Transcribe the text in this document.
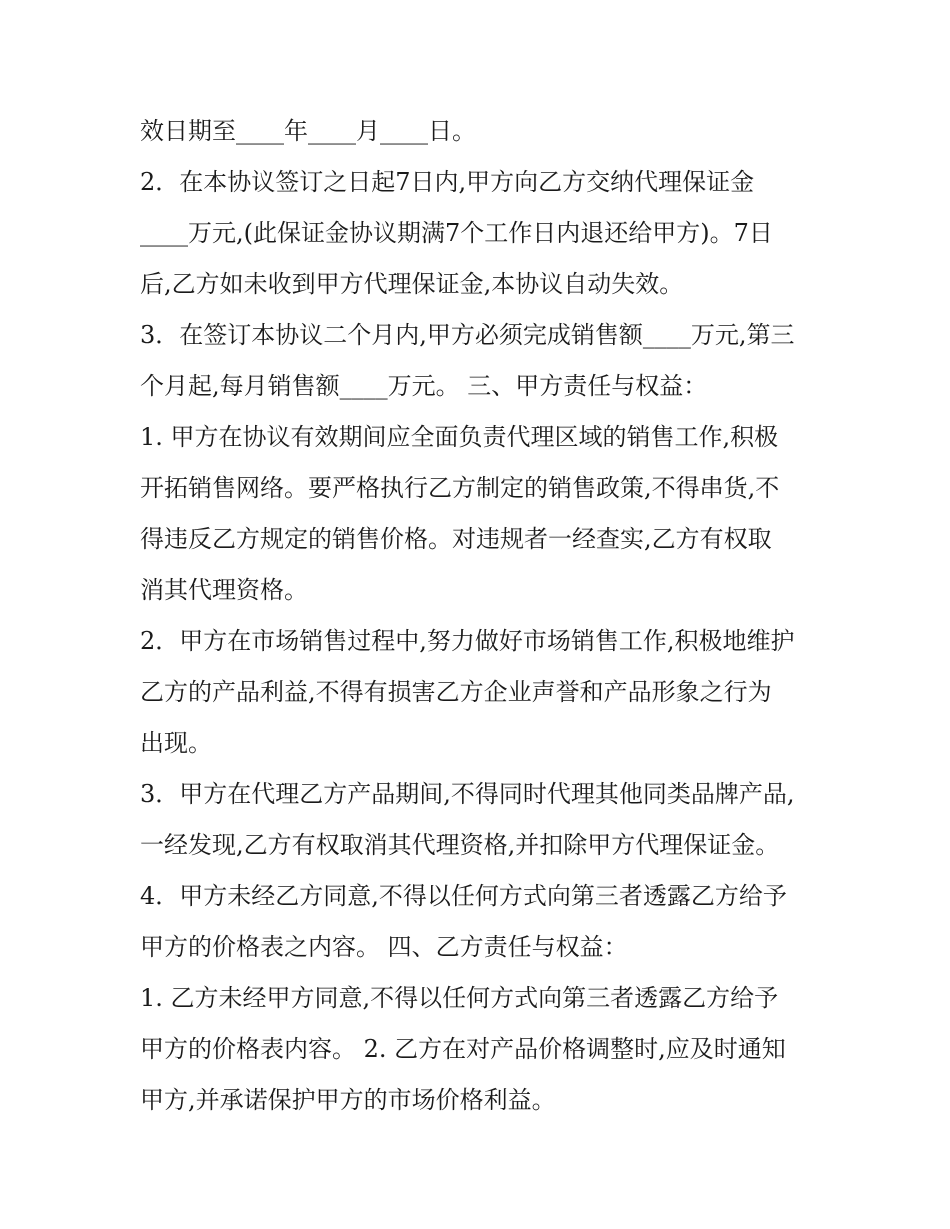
效日期至____年____月____日。
2．在本协议签订之日起7日内,甲方向乙方交纳代理保证金
____万元,(此保证金协议期满7个工作日内退还给甲方)。7日
后,乙方如未收到甲方代理保证金,本协议自动失效。
3．在签订本协议二个月内,甲方必须完成销售额____万元,第三
个月起,每月销售额____万元。 三、甲方责任与权益：
1. 甲方在协议有效期间应全面负责代理区域的销售工作,积极
开拓销售网络。要严格执行乙方制定的销售政策,不得串货,不
得违反乙方规定的销售价格。对违规者一经查实,乙方有权取
消其代理资格。
2．甲方在市场销售过程中,努力做好市场销售工作,积极地维护
乙方的产品利益,不得有损害乙方企业声誉和产品形象之行为
出现。
3．甲方在代理乙方产品期间,不得同时代理其他同类品牌产品,
一经发现,乙方有权取消其代理资格,并扣除甲方代理保证金。
4．甲方未经乙方同意,不得以任何方式向第三者透露乙方给予
甲方的价格表之内容。 四、乙方责任与权益：
1. 乙方未经甲方同意,不得以任何方式向第三者透露乙方给予
甲方的价格表内容。 2. 乙方在对产品价格调整时,应及时通知
甲方,并承诺保护甲方的市场价格利益。
